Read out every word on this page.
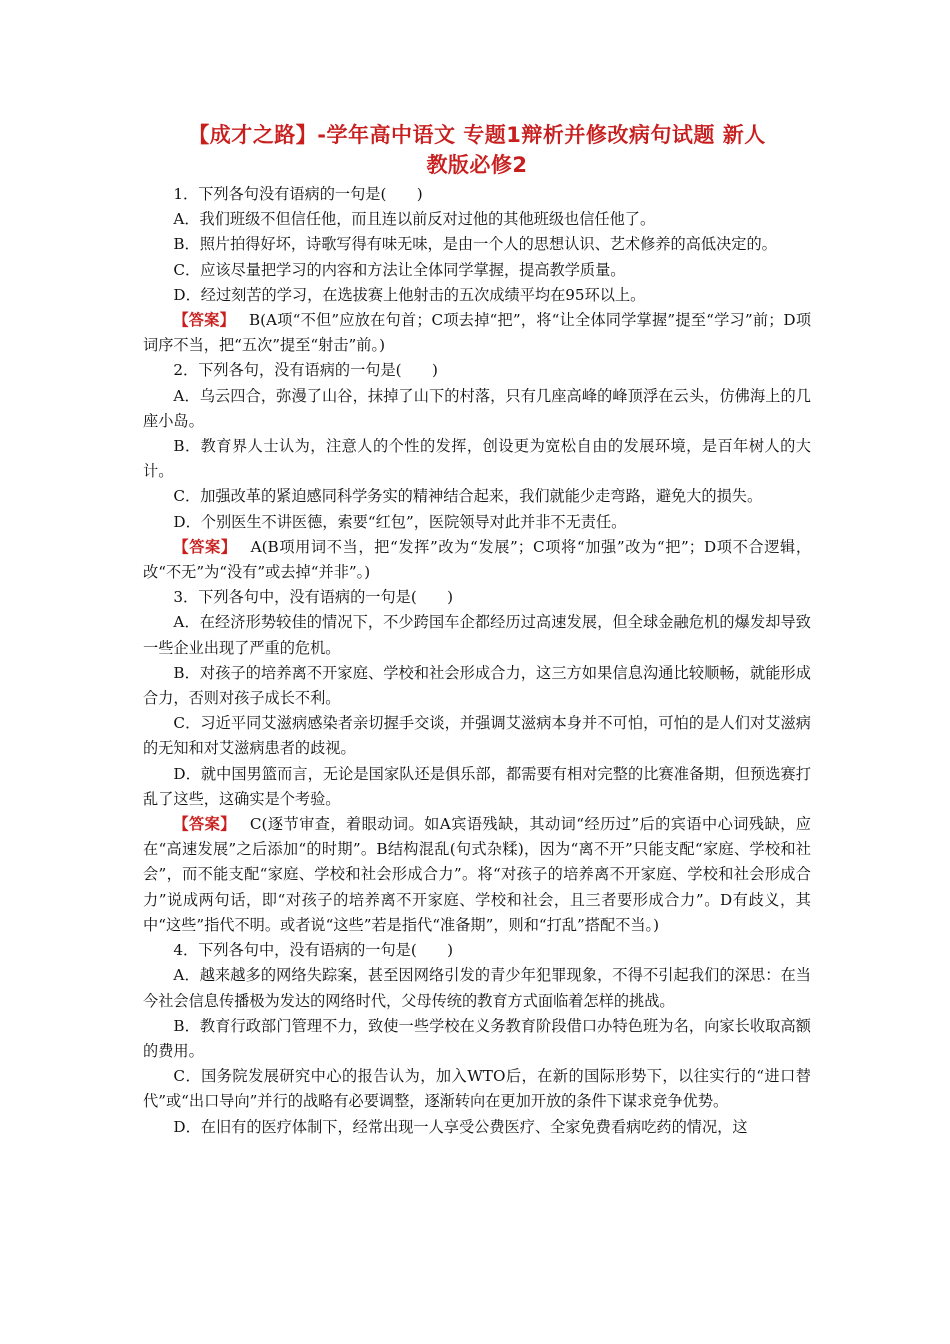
【成才之路】-学年高中语文 专题1辩析并修改病句试题 新人
教版必修2

1．下列各句没有语病的一句是(　　)

A．我们班级不但信任他，而且连以前反对过他的其他班级也信任他了。

B．照片拍得好坏，诗歌写得有味无味，是由一个人的思想认识、艺术修养的高低决定的。

C．应该尽量把学习的内容和方法让全体同学掌握，提高教学质量。

D．经过刻苦的学习，在选拔赛上他射击的五次成绩平均在95环以上。

【答案】 B(A项“不但”应放在句首；C项去掉“把”，将“让全体同学掌握”提至“学习”前；D项词序不当，把“五次”提至“射击”前。)

2．下列各句，没有语病的一句是(　　)

A．乌云四合，弥漫了山谷，抹掉了山下的村落，只有几座高峰的峰顶浮在云头，仿佛海上的几座小岛。

B．教育界人士认为，注意人的个性的发挥，创设更为宽松自由的发展环境，是百年树人的大计。

C．加强改革的紧迫感同科学务实的精神结合起来，我们就能少走弯路，避免大的损失。

D．个别医生不讲医德，索要“红包”，医院领导对此并非不无责任。

【答案】 A(B项用词不当，把“发挥”改为“发展”；C项将“加强”改为“把”；D项不合逻辑，改“不无”为“没有”或去掉“并非”。)

3．下列各句中，没有语病的一句是(　　)

A．在经济形势较佳的情况下，不少跨国车企都经历过高速发展，但全球金融危机的爆发却导致一些企业出现了严重的危机。

B．对孩子的培养离不开家庭、学校和社会形成合力，这三方如果信息沟通比较顺畅，就能形成合力，否则对孩子成长不利。

C．习近平同艾滋病感染者亲切握手交谈，并强调艾滋病本身并不可怕，可怕的是人们对艾滋病的无知和对艾滋病患者的歧视。

D．就中国男篮而言，无论是国家队还是俱乐部，都需要有相对完整的比赛准备期，但预选赛打乱了这些，这确实是个考验。

【答案】 C(逐节审查，着眼动词。如A宾语残缺，其动词“经历过”后的宾语中心词残缺，应在“高速发展”之后添加“的时期”。B结构混乱(句式杂糅)，因为“离不开”只能支配“家庭、学校和社会”，而不能支配“家庭、学校和社会形成合力”。将“对孩子的培养离不开家庭、学校和社会形成合力”说成两句话，即“对孩子的培养离不开家庭、学校和社会，且三者要形成合力”。D有歧义，其中“这些”指代不明。或者说“这些”若是指代“准备期”，则和“打乱”搭配不当。)

4．下列各句中，没有语病的一句是(　　)

A．越来越多的网络失踪案，甚至因网络引发的青少年犯罪现象，不得不引起我们的深思：在当今社会信息传播极为发达的网络时代，父母传统的教育方式面临着怎样的挑战。

B．教育行政部门管理不力，致使一些学校在义务教育阶段借口办特色班为名，向家长收取高额的费用。

C．国务院发展研究中心的报告认为，加入WTO后，在新的国际形势下，以往实行的“进口替代”或“出口导向”并行的战略有必要调整，逐渐转向在更加开放的条件下谋求竞争优势。

D．在旧有的医疗体制下，经常出现一人享受公费医疗、全家免费看病吃药的情况，这
